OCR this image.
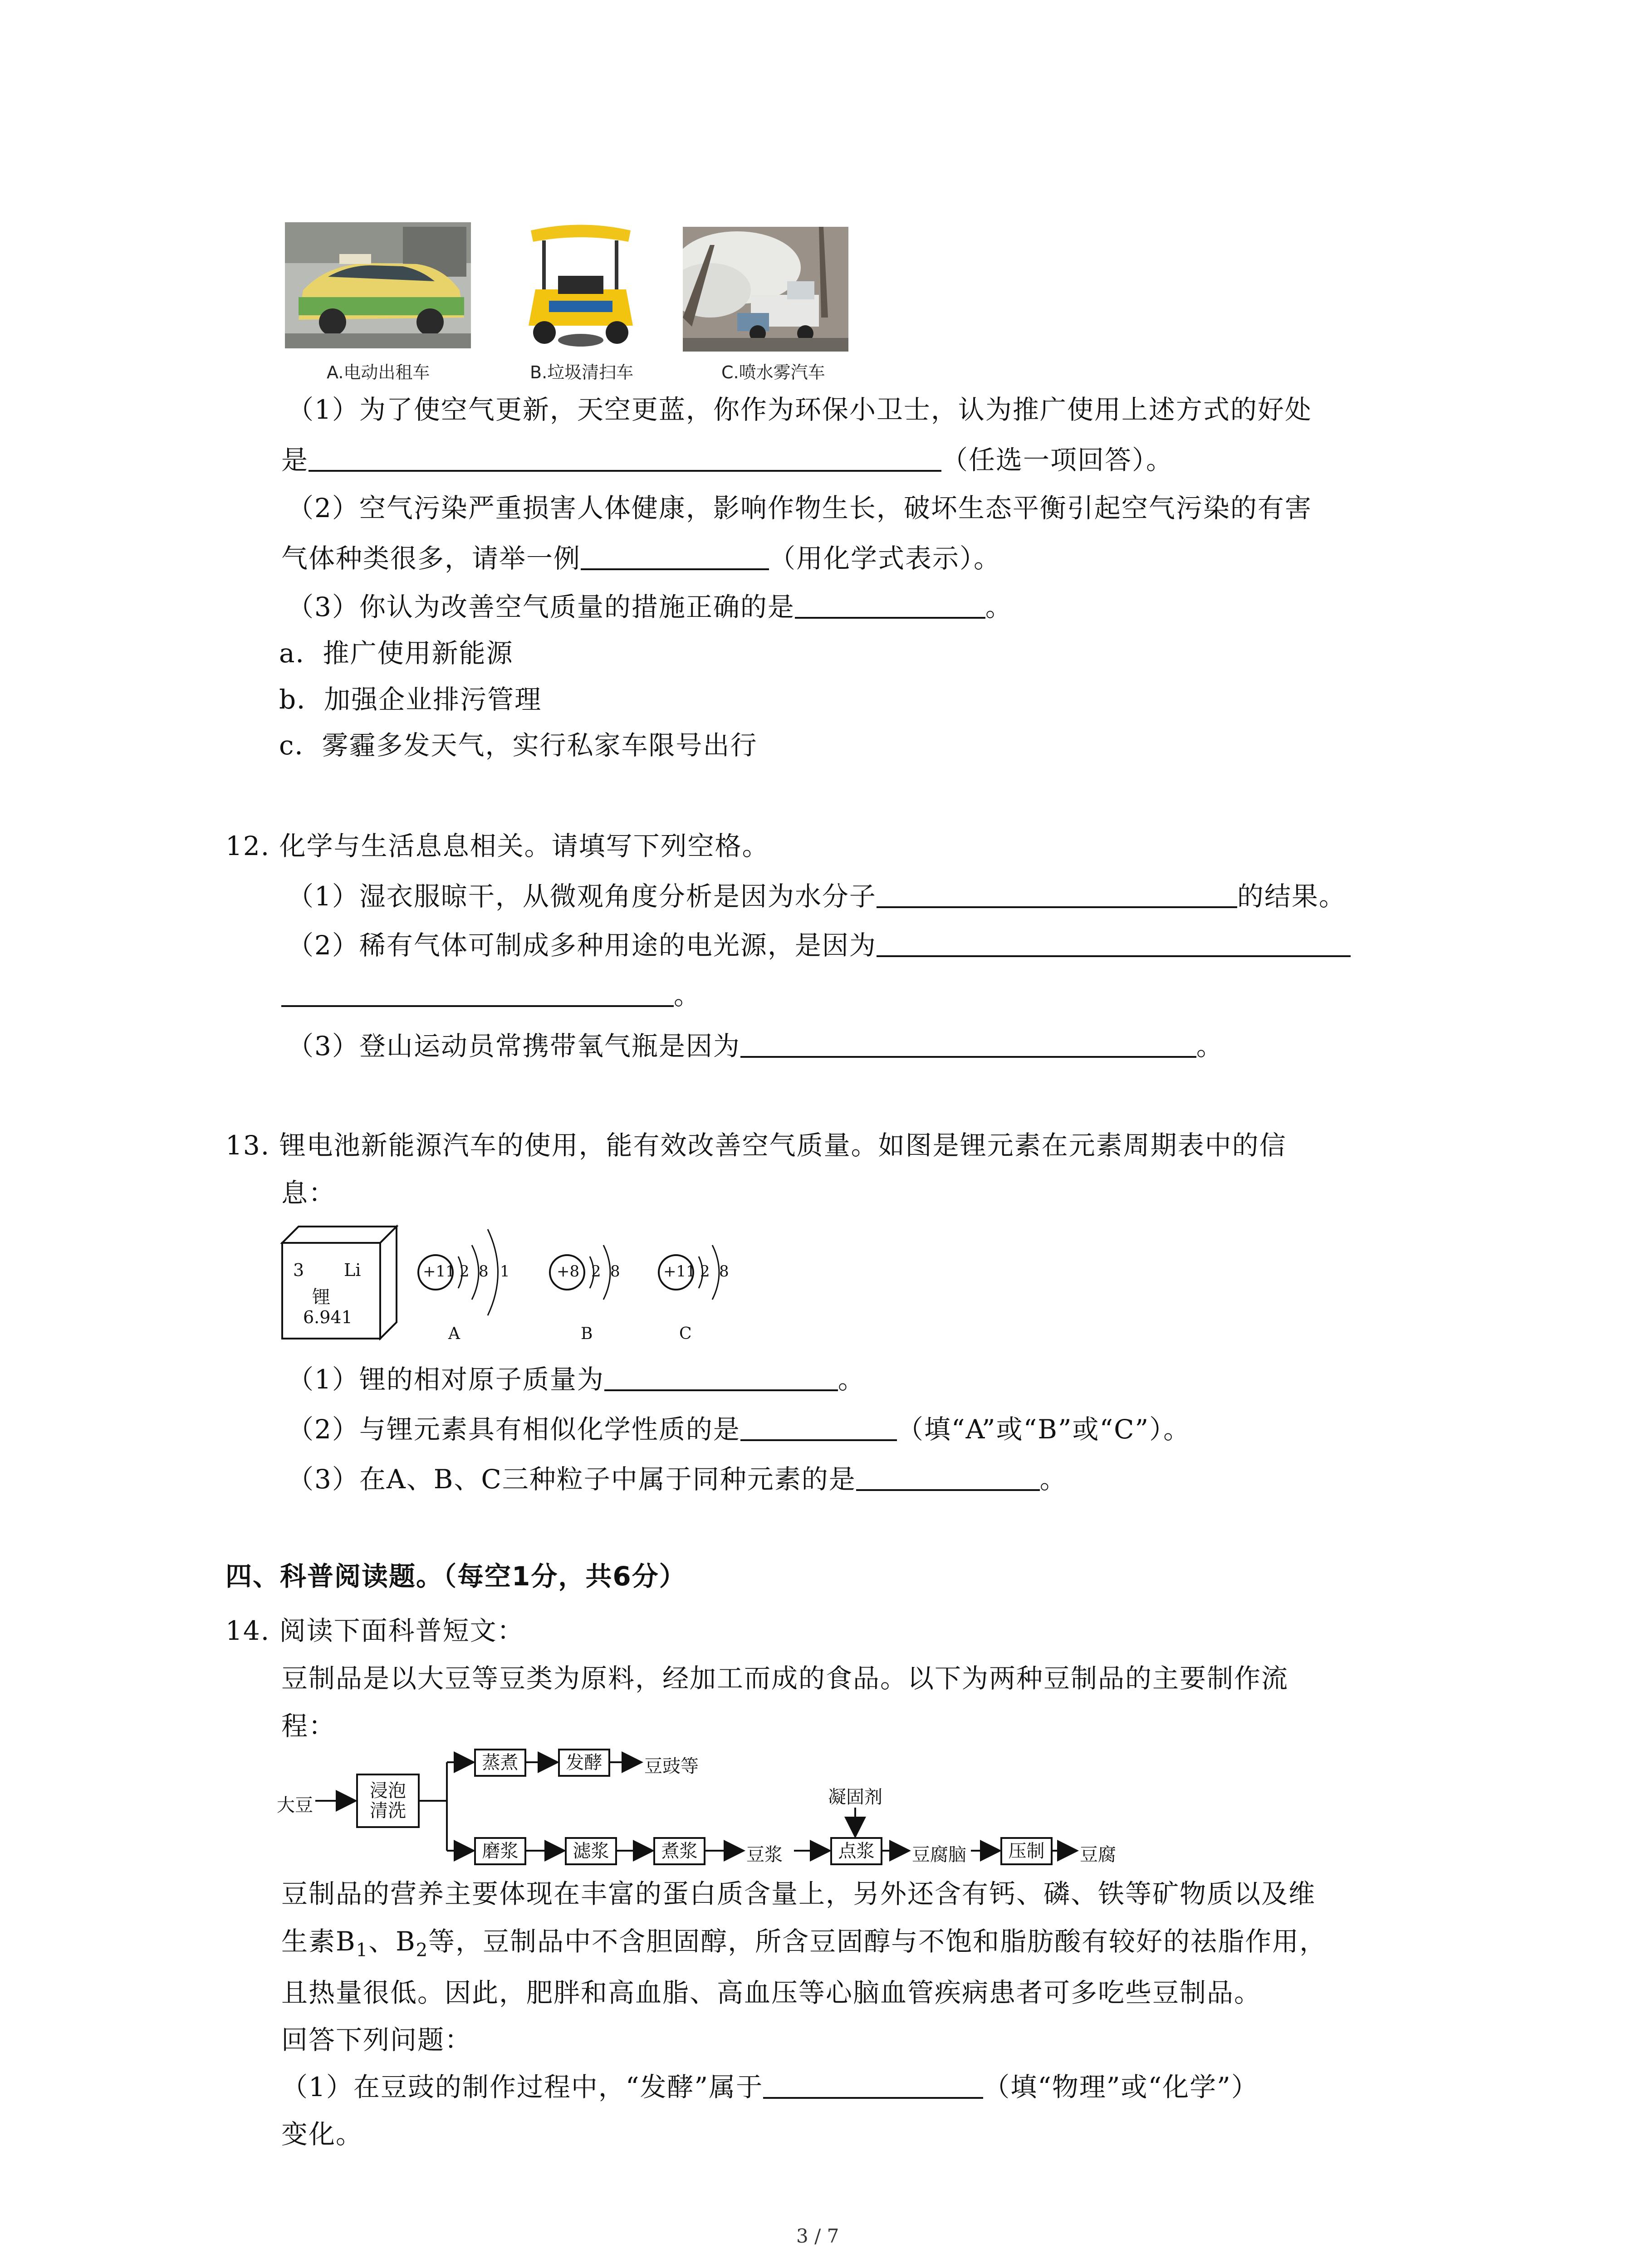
A.电动出租车	B.垃圾清扫车	C.喷水雾汽车
（1）为了使空气更新，天空更蓝，你作为环保小卫士，认为推广使用上述方式的好处
是	（任选一项回答）。
（2）空气污染严重损害人体健康，影响作物生长，破坏生态平衡引起空气污染的有害
气体种类很多，请举一例	（用化学式表示）。
（3）你认为改善空气质量的措施正确的是	。
a．推广使用新能源
b．加强企业排污管理
c．雾霾多发天气，实行私家车限号出行
12. 化学与生活息息相关。请填写下列空格。
（1）湿衣服晾干，从微观角度分析是因为水分子	的结果。
（2）稀有气体可制成多种用途的电光源，是因为
。
（3）登山运动员常携带氧气瓶是因为	。
13. 锂电池新能源汽车的使用，能有效改善空气质量。如图是锂元素在元素周期表中的信
息：
3 Li
锂
6.941
+11 2 8 1
A
+8 2 8
B
+11 2 8
C
（1）锂的相对原子质量为	。
（2）与锂元素具有相似化学性质的是	（填“A”或“B”或“C”）。
（3）在A、B、C三种粒子中属于同种元素的是	。
四、科普阅读题。（每空1分，共6分）
14. 阅读下面科普短文：
豆制品是以大豆等豆类为原料，经加工而成的食品。以下为两种豆制品的主要制作流
程：
大豆
浸泡
清洗
蒸煮	发酵 豆豉等
磨浆	滤浆	煮浆	豆浆
凝固剂
点浆 豆腐脑 压制 豆腐
豆制品的营养主要体现在丰富的蛋白质含量上，另外还含有钙、磷、铁等矿物质以及维
生素$B_1$、$B_2$等，豆制品中不含胆固醇，所含豆固醇与不饱和脂肪酸有较好的祛脂作用，
且热量很低。因此，肥胖和高血脂、高血压等心脑血管疾病患者可多吃些豆制品。
回答下列问题：
（1）在豆豉的制作过程中，“发酵”属于	（填“物理”或“化学”）
变化。
3 / 7
